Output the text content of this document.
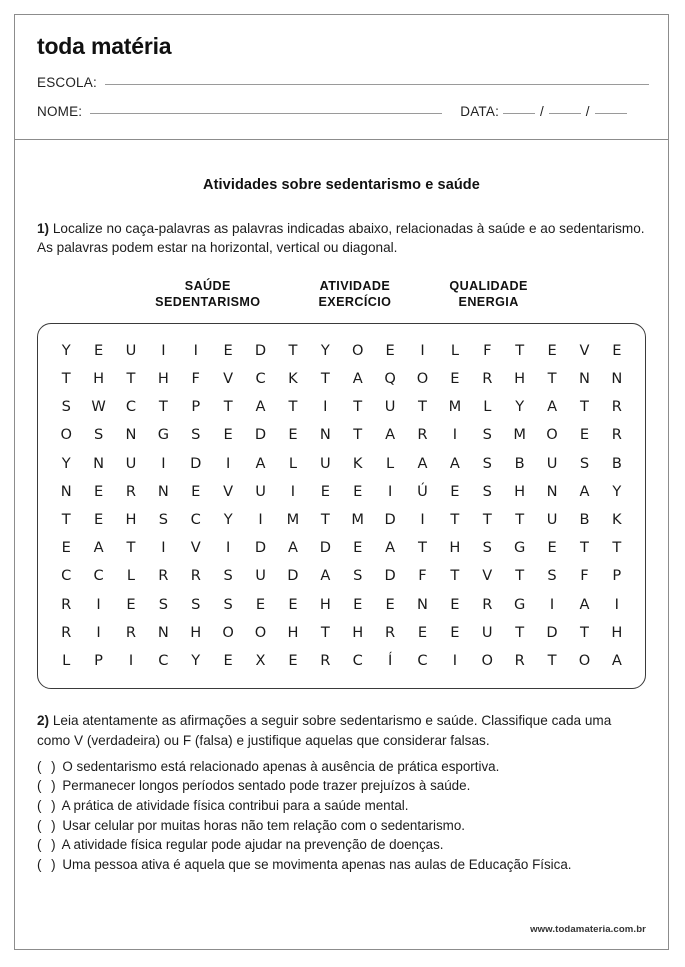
toda matéria
ESCOLA:
NOME:	DATA:	/	/
Atividades sobre sedentarismo e saúde
1) Localize no caça-palavras as palavras indicadas abaixo, relacionadas à saúde e ao sedentarismo. As palavras podem estar na horizontal, vertical ou diagonal.
SAÚDE
SEDENTARISMO
ATIVIDADE
EXERCÍCIO
QUALIDADE
ENERGIA
Y	E	U	I	I	E	D	T	Y	O	E	I	L	F	T	E	V	E
T	H	T	H	F	V	C	K	T	A	Q	O	E	R	H	T	N	N
S	W	C	T	P	T	A	T	I	T	U	T	M	L	Y	A	T	R
O	S	N	G	S	E	D	E	N	T	A	R	I	S	M	O	E	R
Y	N	U	I	D	I	A	L	U	K	L	A	A	S	B	U	S	B
N	E	R	N	E	V	U	I	E	E	I	Ú	E	S	H	N	A	Y
T	E	H	S	C	Y	I	M	T	M	D	I	T	T	T	U	B	K
E	A	T	I	V	I	D	A	D	E	A	T	H	S	G	E	T	T
C	C	L	R	R	S	U	D	A	S	D	F	T	V	T	S	F	P
R	I	E	S	S	S	E	E	H	E	E	N	E	R	G	I	A	I
R	I	R	N	H	O	O	H	T	H	R	E	E	U	T	D	T	H
L	P	I	C	Y	E	X	E	R	C	Í	C	I	O	R	T	O	A
2) Leia atentamente as afirmações a seguir sobre sedentarismo e saúde. Classifique cada uma como V (verdadeira) ou F (falsa) e justifique aquelas que considerar falsas.
( ) O sedentarismo está relacionado apenas à ausência de prática esportiva.
( ) Permanecer longos períodos sentado pode trazer prejuízos à saúde.
( ) A prática de atividade física contribui para a saúde mental.
( ) Usar celular por muitas horas não tem relação com o sedentarismo.
( ) A atividade física regular pode ajudar na prevenção de doenças.
( ) Uma pessoa ativa é aquela que se movimenta apenas nas aulas de Educação Física.
www.todamateria.com.br
